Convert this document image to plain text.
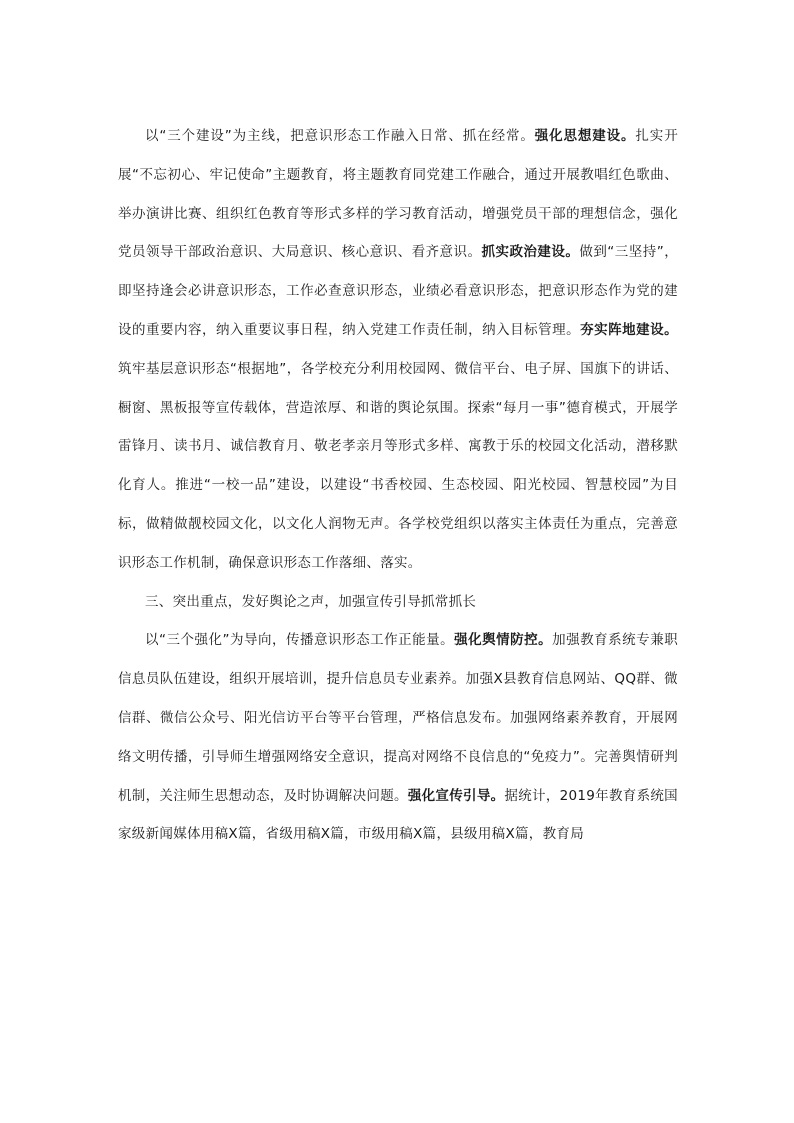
以“三个建设”为主线，把意识形态工作融入日常、抓在经常。强化思想建设。扎实开展“不忘初心、牢记使命”主题教育，将主题教育同党建工作融合，通过开展教唱红色歌曲、举办演讲比赛、组织红色教育等形式多样的学习教育活动，增强党员干部的理想信念，强化党员领导干部政治意识、大局意识、核心意识、看齐意识。抓实政治建设。做到“三坚持”，即坚持逢会必讲意识形态，工作必查意识形态，业绩必看意识形态，把意识形态作为党的建设的重要内容，纳入重要议事日程，纳入党建工作责任制，纳入目标管理。夯实阵地建设。筑牢基层意识形态“根据地”，各学校充分利用校园网、微信平台、电子屏、国旗下的讲话、橱窗、黑板报等宣传载体，营造浓厚、和谐的舆论氛围。探索“每月一事”德育模式，开展学雷锋月、读书月、诚信教育月、敬老孝亲月等形式多样、寓教于乐的校园文化活动，潜移默化育人。推进“一校一品”建设，以建设“书香校园、生态校园、阳光校园、智慧校园”为目标，做精做靓校园文化，以文化人润物无声。各学校党组织以落实主体责任为重点，完善意识形态工作机制，确保意识形态工作落细、落实。

三、突出重点，发好舆论之声，加强宣传引导抓常抓长

以“三个强化”为导向，传播意识形态工作正能量。强化舆情防控。加强教育系统专兼职信息员队伍建设，组织开展培训，提升信息员专业素养。加强X县教育信息网站、QQ群、微信群、微信公众号、阳光信访平台等平台管理，严格信息发布。加强网络素养教育，开展网络文明传播，引导师生增强网络安全意识，提高对网络不良信息的“免疫力”。完善舆情研判机制，关注师生思想动态，及时协调解决问题。强化宣传引导。据统计，2019年教育系统国家级新闻媒体用稿X篇，省级用稿X篇，市级用稿X篇，县级用稿X篇，教育局
